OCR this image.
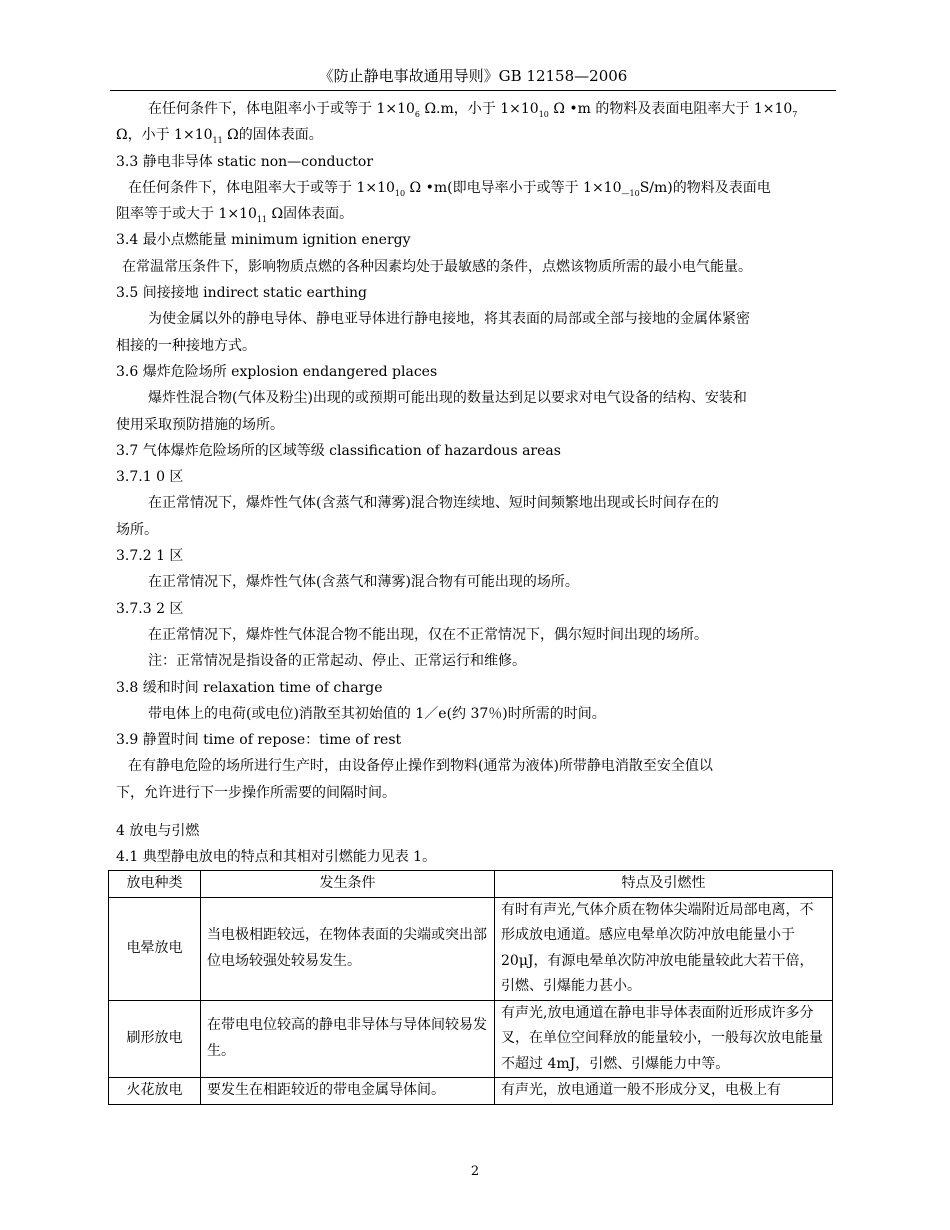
《防止静电事故通用导则》GB 12158—2006
在任何条件下，体电阻率小于或等于 $1\times 10_6$ Ω.m，小于 $1\times 10_{10}$ Ω •m 的物料及表面电阻率大于 $1\times 10_7$
Ω，小于 $1\times 10_{11}$ Ω的固体表面。
3.3 静电非导体 static non—conductor
在任何条件下，体电阻率大于或等于 $1\times 10_{10}$ Ω •m(即电导率小于或等于 $1\times 10_{—10}S/m$)的物料及表面电
阻率等于或大于 $1\times 10_{11}$ Ω固体表面。
3.4 最小点燃能量 minimum ignition energy
在常温常压条件下，影响物质点燃的各种因素均处于最敏感的条件，点燃该物质所需的最小电气能量。
3.5 间接接地 indirect static earthing
为使金属以外的静电导体、静电亚导体进行静电接地，将其表面的局部或全部与接地的金属体紧密
相接的一种接地方式。
3.6 爆炸危险场所 explosion endangered places
爆炸性混合物(气体及粉尘)出现的或预期可能出现的数量达到足以要求对电气设备的结构、安装和
使用采取预防措施的场所。
3.7 气体爆炸危险场所的区域等级 classification of hazardous areas
3.7.1 0 区
在正常情况下，爆炸性气体(含蒸气和薄雾)混合物连续地、短时间频繁地出现或长时间存在的
场所。
3.7.2 1 区
在正常情况下，爆炸性气体(含蒸气和薄雾)混合物有可能出现的场所。
3.7.3 2 区
在正常情况下，爆炸性气体混合物不能出现，仅在不正常情况下，偶尔短时间出现的场所。
注：正常情况是指设备的正常起动、停止、正常运行和维修。
3.8 缓和时间 relaxation time of charge
带电体上的电荷(或电位)消散至其初始值的 1／e(约 37％)时所需的时间。
3.9 静置时间 time of repose：time of rest
在有静电危险的场所进行生产时，由设备停止操作到物料(通常为液体)所带静电消散至安全值以
下，允许进行下一步操作所需要的间隔时间。
4 放电与引燃
4.1 典型静电放电的特点和其相对引燃能力见表 1。
放电种类	发生条件	特点及引燃性
电晕放电	当电极相距较远，在物体表面的尖端或突出部位电场较强处较易发生。	有时有声光,气体介质在物体尖端附近局部电离，不形成放电通道。感应电晕单次防冲放电能量小于 20μJ，有源电晕单次防冲放电能量较此大若干倍，引燃、引爆能力甚小。
刷形放电	在带电电位较高的静电非导体与导体间较易发生。	有声光,放电通道在静电非导体表面附近形成许多分叉，在单位空间释放的能量较小，一般每次放电能量不超过 4mJ，引燃、引爆能力中等。
火花放电	要发生在相距较近的带电金属导体间。	有声光，放电通道一般不形成分叉，电极上有
2
